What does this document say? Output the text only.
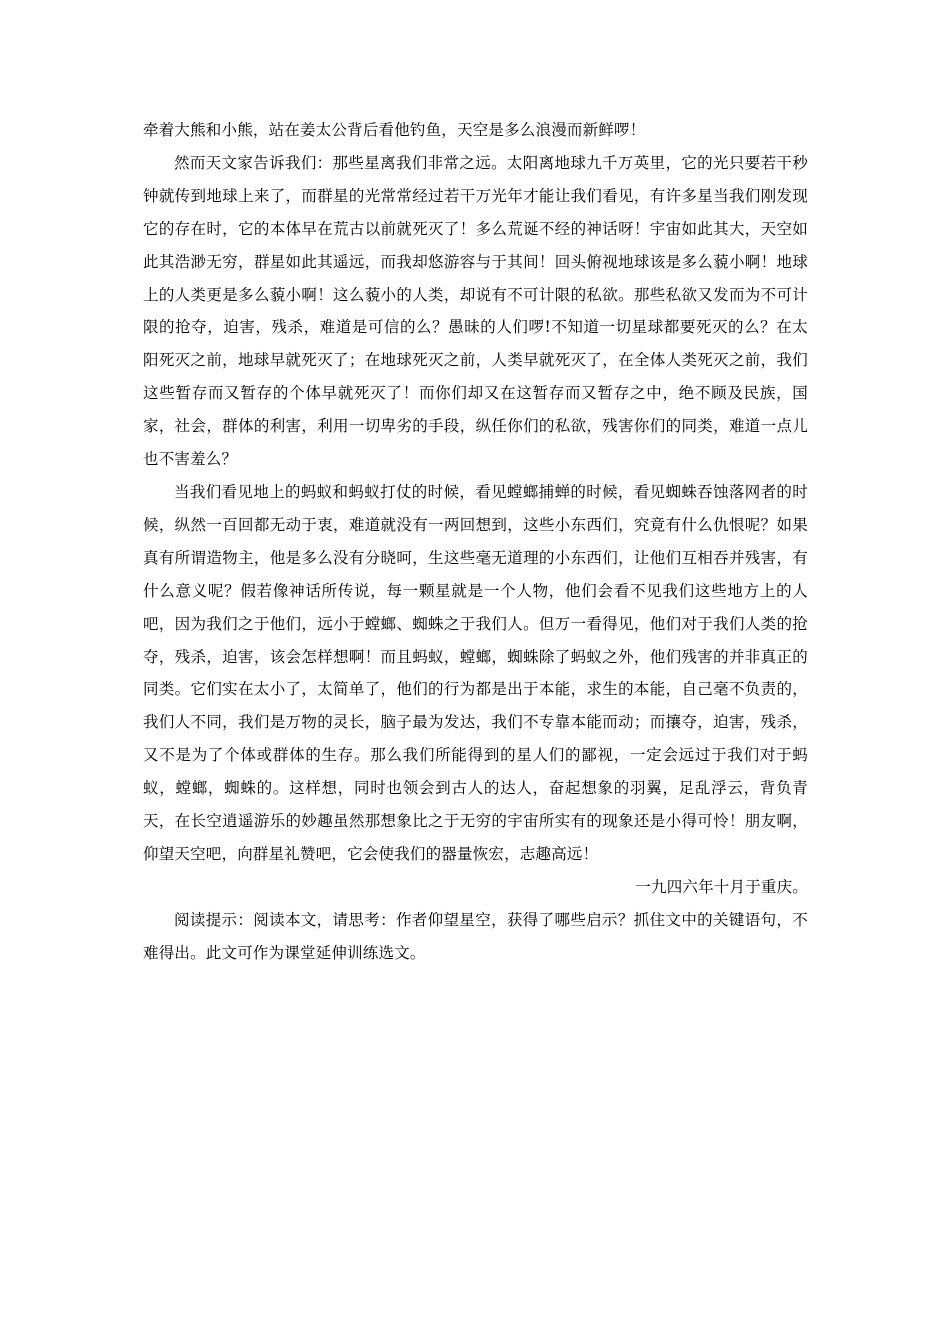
牵着大熊和小熊，站在姜太公背后看他钓鱼，天空是多么浪漫而新鲜啰！

然而天文家告诉我们：那些星离我们非常之远。太阳离地球九千万英里，它的光只要若干秒钟就传到地球上来了，而群星的光常常经过若干万光年才能让我们看见，有许多星当我们刚发现它的存在时，它的本体早在荒古以前就死灭了！多么荒诞不经的神话呀！宇宙如此其大，天空如此其浩渺无穷，群星如此其遥远，而我却悠游容与于其间！回头俯视地球该是多么藐小啊！地球上的人类更是多么藐小啊！这么藐小的人类，却说有不可计限的私欲。那些私欲又发而为不可计限的抢夺，迫害，残杀，难道是可信的么？愚昧的人们啰!不知道一切星球都要死灭的么？在太阳死灭之前，地球早就死灭了；在地球死灭之前，人类早就死灭了，在全体人类死灭之前，我们这些暂存而又暂存的个体早就死灭了！而你们却又在这暂存而又暂存之中，绝不顾及民族，国家，社会，群体的利害，利用一切卑劣的手段，纵任你们的私欲，残害你们的同类，难道一点儿也不害羞么？

当我们看见地上的蚂蚁和蚂蚁打仗的时候，看见螳螂捕蝉的时候，看见蜘蛛吞蚀落网者的时候，纵然一百回都无动于衷，难道就没有一两回想到，这些小东西们，究竟有什么仇恨呢？如果真有所谓造物主，他是多么没有分晓呵，生这些毫无道理的小东西们，让他们互相吞并残害，有什么意义呢？假若像神话所传说，每一颗星就是一个人物，他们会看不见我们这些地方上的人吧，因为我们之于他们，远小于螳螂、蜘蛛之于我们人。但万一看得见，他们对于我们人类的抢夺，残杀，迫害，该会怎样想啊！而且蚂蚁，螳螂，蜘蛛除了蚂蚁之外，他们残害的并非真正的同类。它们实在太小了，太简单了，他们的行为都是出于本能，求生的本能，自己毫不负责的，我们人不同，我们是万物的灵长，脑子最为发达，我们不专靠本能而动；而攘夺，迫害，残杀，又不是为了个体或群体的生存。那么我们所能得到的星人们的鄙视，一定会远过于我们对于蚂蚁，螳螂，蜘蛛的。这样想，同时也领会到古人的达人，奋起想象的羽翼，足乱浮云，背负青天，在长空逍遥游乐的妙趣虽然那想象比之于无穷的宇宙所实有的现象还是小得可怜！朋友啊，仰望天空吧，向群星礼赞吧，它会使我们的器量恢宏，志趣高远！

一九四六年十月于重庆。

阅读提示：阅读本文，请思考：作者仰望星空，获得了哪些启示？抓住文中的关键语句，不难得出。此文可作为课堂延伸训练选文。
